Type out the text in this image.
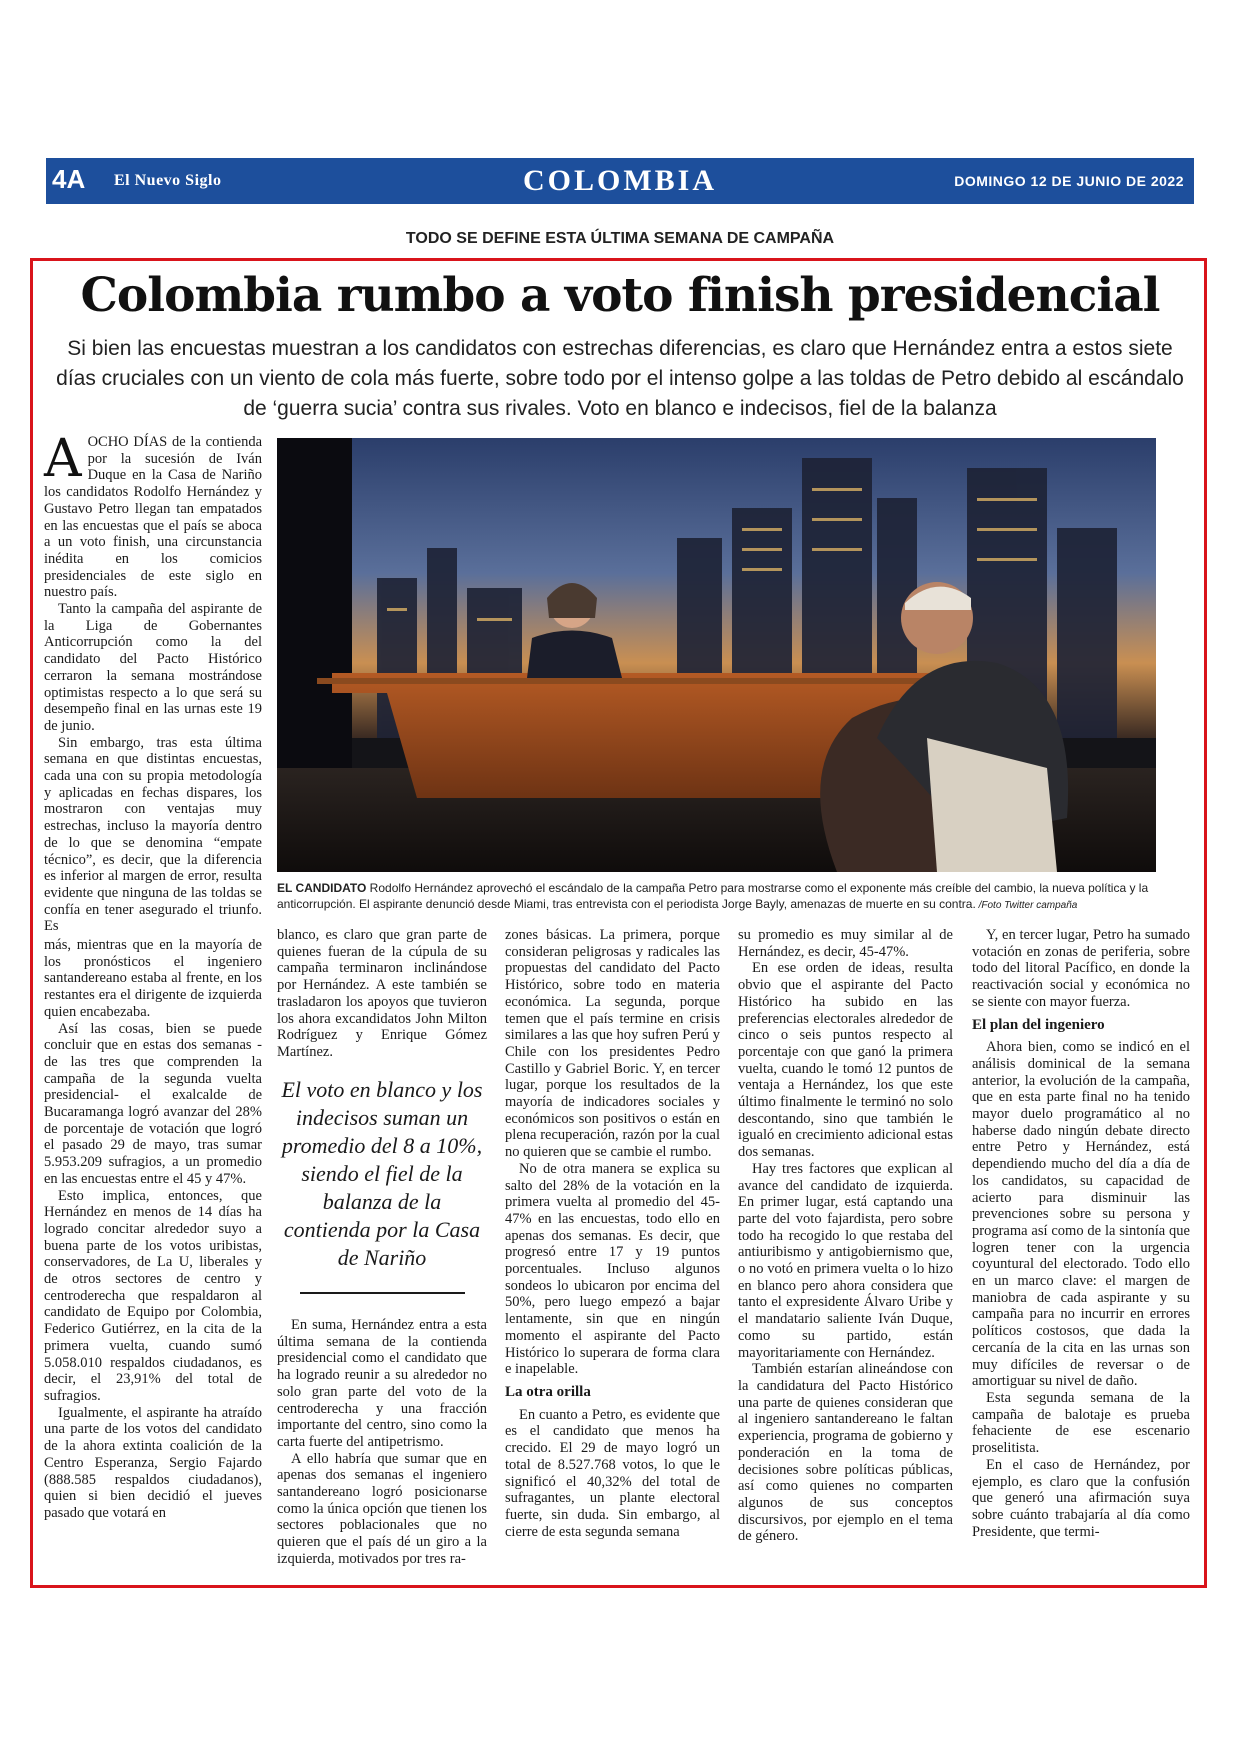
4A El Nuevo Siglo	COLOMBIA	DOMINGO 12 DE JUNIO DE 2022
TODO SE DEFINE ESTA ÚLTIMA SEMANA DE CAMPAÑA
Colombia rumbo a voto finish presidencial

Si bien las encuestas muestran a los candidatos con estrechas diferencias, es claro que Hernández entra a estos siete días cruciales con un viento de cola más fuerte, sobre todo por el intenso golpe a las toldas de Petro debido al escándalo de ‘guerra sucia’ contra sus rivales. Voto en blanco e indecisos, fiel de la balanza

EL CANDIDATO Rodolfo Hernández aprovechó el escándalo de la campaña Petro para mostrarse como el exponente más creíble del cambio, la nueva política y la anticorrupción. El aspirante denunció desde Miami, tras entrevista con el periodista Jorge Bayly, amenazas de muerte en su contra. /Foto Twitter campaña

AOCHO DÍAS de la contienda por la sucesión de Iván Duque en la Casa de Nariño los candidatos Rodolfo Hernández y Gustavo Petro llegan tan empatados en las encuestas que el país se aboca a un voto finish, una circunstancia inédita en los comicios presidenciales de este siglo en nuestro país.

Tanto la campaña del aspirante de la Liga de Gobernantes Anticorrupción como la del candidato del Pacto Histórico cerraron la semana mostrándose optimistas respecto a lo que será su desempeño final en las urnas este 19 de junio.

Sin embargo, tras esta última semana en que distintas encuestas, cada una con su propia metodología y aplicadas en fechas dispares, los mostraron con ventajas muy estrechas, incluso la mayoría dentro de lo que se denomina “empate técnico”, es decir, que la diferencia es inferior al margen de error, resulta evidente que ninguna de las toldas se confía en tener asegurado el triunfo. Es

más, mientras que en la mayoría de los pronósticos el ingeniero santandereano estaba al frente, en los restantes era el dirigente de izquierda quien encabezaba.

Así las cosas, bien se puede concluir que en estas dos semanas -de las tres que comprenden la campaña de la segunda vuelta presidencial- el exalcalde de Bucaramanga logró avanzar del 28% de porcentaje de votación que logró el pasado 29 de mayo, tras sumar 5.953.209 sufragios, a un promedio en las encuestas entre el 45 y 47%.

Esto implica, entonces, que Hernández en menos de 14 días ha logrado concitar alrededor suyo a buena parte de los votos uribistas, conservadores, de La U, liberales y de otros sectores de centro y centroderecha que respaldaron al candidato de Equipo por Colombia, Federico Gutiérrez, en la cita de la primera vuelta, cuando sumó 5.058.010 respaldos ciudadanos, es decir, el 23,91% del total de sufragios.

Igualmente, el aspirante ha atraído una parte de los votos del candidato de la ahora extinta coalición de la Centro Esperanza, Sergio Fajardo (888.585 respaldos ciudadanos), quien si bien decidió el jueves pasado que votará en

blanco, es claro que gran parte de quienes fueran de la cúpula de su campaña terminaron inclinándose por Hernández. A este también se trasladaron los apoyos que tuvieron los ahora excandidatos John Milton Rodríguez y Enrique Gómez Martínez.

El voto en blanco y los indecisos suman un promedio del 8 a 10%, siendo el fiel de la balanza de la contienda por la Casa de Nariño

En suma, Hernández entra a esta última semana de la contienda presidencial como el candidato que ha logrado reunir a su alrededor no solo gran parte del voto de la centroderecha y una fracción importante del centro, sino como la carta fuerte del antipetrismo.

A ello habría que sumar que en apenas dos semanas el ingeniero santandereano logró posicionarse como la única opción que tienen los sectores poblacionales que no quieren que el país dé un giro a la izquierda, motivados por tres ra-

zones básicas. La primera, porque consideran peligrosas y radicales las propuestas del candidato del Pacto Histórico, sobre todo en materia económica. La segunda, porque temen que el país termine en crisis similares a las que hoy sufren Perú y Chile con los presidentes Pedro Castillo y Gabriel Boric. Y, en tercer lugar, porque los resultados de la mayoría de indicadores sociales y económicos son positivos o están en plena recuperación, razón por la cual no quieren que se cambie el rumbo.

No de otra manera se explica su salto del 28% de la votación en la primera vuelta al promedio del 45-47% en las encuestas, todo ello en apenas dos semanas. Es decir, que progresó entre 17 y 19 puntos porcentuales. Incluso algunos sondeos lo ubicaron por encima del 50%, pero luego empezó a bajar lentamente, sin que en ningún momento el aspirante del Pacto Histórico lo superara de forma clara e inapelable.

La otra orilla

En cuanto a Petro, es evidente que es el candidato que menos ha crecido. El 29 de mayo logró un total de 8.527.768 votos, lo que le significó el 40,32% del total de sufragantes, un plante electoral fuerte, sin duda. Sin embargo, al cierre de esta segunda semana

su promedio es muy similar al de Hernández, es decir, 45-47%.

En ese orden de ideas, resulta obvio que el aspirante del Pacto Histórico ha subido en las preferencias electorales alrededor de cinco o seis puntos respecto al porcentaje con que ganó la primera vuelta, cuando le tomó 12 puntos de ventaja a Hernández, los que este último finalmente le terminó no solo descontando, sino que también le igualó en crecimiento adicional estas dos semanas.

Hay tres factores que explican al avance del candidato de izquierda. En primer lugar, está captando una parte del voto fajardista, pero sobre todo ha recogido lo que restaba del antiuribismo y antigobiernismo que, o no votó en primera vuelta o lo hizo en blanco pero ahora considera que tanto el expresidente Álvaro Uribe y el mandatario saliente Iván Duque, como su partido, están mayoritariamente con Hernández.

También estarían alineándose con la candidatura del Pacto Histórico una parte de quienes consideran que al ingeniero santandereano le faltan experiencia, programa de gobierno y ponderación en la toma de decisiones sobre políticas públicas, así como quienes no comparten algunos de sus conceptos discursivos, por ejemplo en el tema de género.

Y, en tercer lugar, Petro ha sumado votación en zonas de periferia, sobre todo del litoral Pacífico, en donde la reactivación social y económica no se siente con mayor fuerza.

El plan del ingeniero

Ahora bien, como se indicó en el análisis dominical de la semana anterior, la evolución de la campaña, que en esta parte final no ha tenido mayor duelo programático al no haberse dado ningún debate directo entre Petro y Hernández, está dependiendo mucho del día a día de los candidatos, su capacidad de acierto para disminuir las prevenciones sobre su persona y programa así como de la sintonía que logren tener con la urgencia coyuntural del electorado. Todo ello en un marco clave: el margen de maniobra de cada aspirante y su campaña para no incurrir en errores políticos costosos, que dada la cercanía de la cita en las urnas son muy difíciles de reversar o de amortiguar su nivel de daño.

Esta segunda semana de la campaña de balotaje es prueba fehaciente de ese escenario proselitista.

En el caso de Hernández, por ejemplo, es claro que la confusión que generó una afirmación suya sobre cuánto trabajaría al día como Presidente, que termi-
